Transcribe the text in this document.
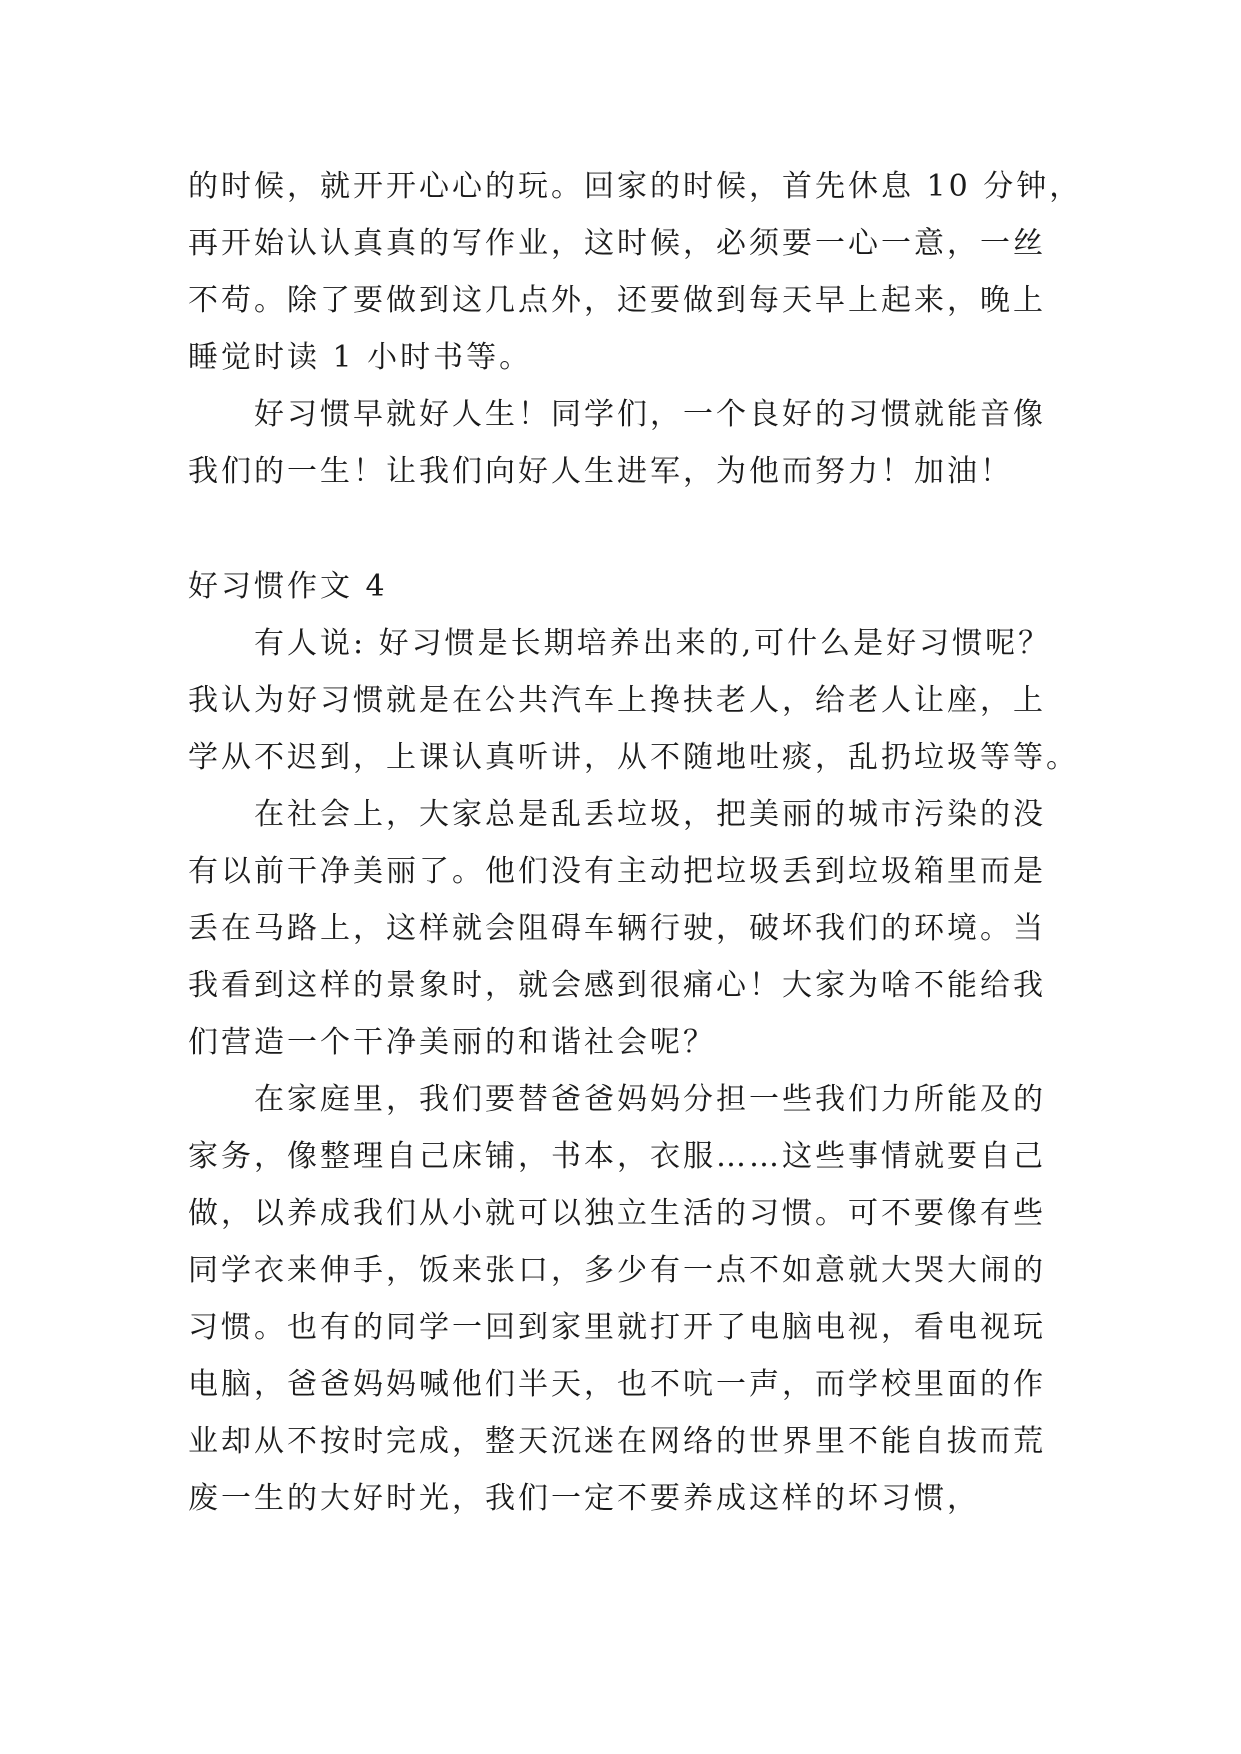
的时候，就开开心心的玩。回家的时候，首先休息 10 分钟，
再开始认认真真的写作业，这时候，必须要一心一意，一丝
不苟。除了要做到这几点外，还要做到每天早上起来，晚上
睡觉时读 1 小时书等。
好习惯早就好人生！同学们，一个良好的习惯就能音像
我们的一生！让我们向好人生进军，为他而努力！加油！
好习惯作文 4
有人说: 好习惯是长期培养出来的,可什么是好习惯呢？
我认为好习惯就是在公共汽车上搀扶老人，给老人让座，上
学从不迟到，上课认真听讲，从不随地吐痰，乱扔垃圾等等。
在社会上，大家总是乱丢垃圾，把美丽的城市污染的没
有以前干净美丽了。他们没有主动把垃圾丢到垃圾箱里而是
丢在马路上，这样就会阻碍车辆行驶，破坏我们的环境。当
我看到这样的景象时，就会感到很痛心！大家为啥不能给我
们营造一个干净美丽的和谐社会呢？
在家庭里，我们要替爸爸妈妈分担一些我们力所能及的
家务，像整理自己床铺，书本，衣服……这些事情就要自己
做，以养成我们从小就可以独立生活的习惯。可不要像有些
同学衣来伸手，饭来张口，多少有一点不如意就大哭大闹的
习惯。也有的同学一回到家里就打开了电脑电视，看电视玩
电脑，爸爸妈妈喊他们半天，也不吭一声，而学校里面的作
业却从不按时完成，整天沉迷在网络的世界里不能自拔而荒
废一生的大好时光，我们一定不要养成这样的坏习惯，
